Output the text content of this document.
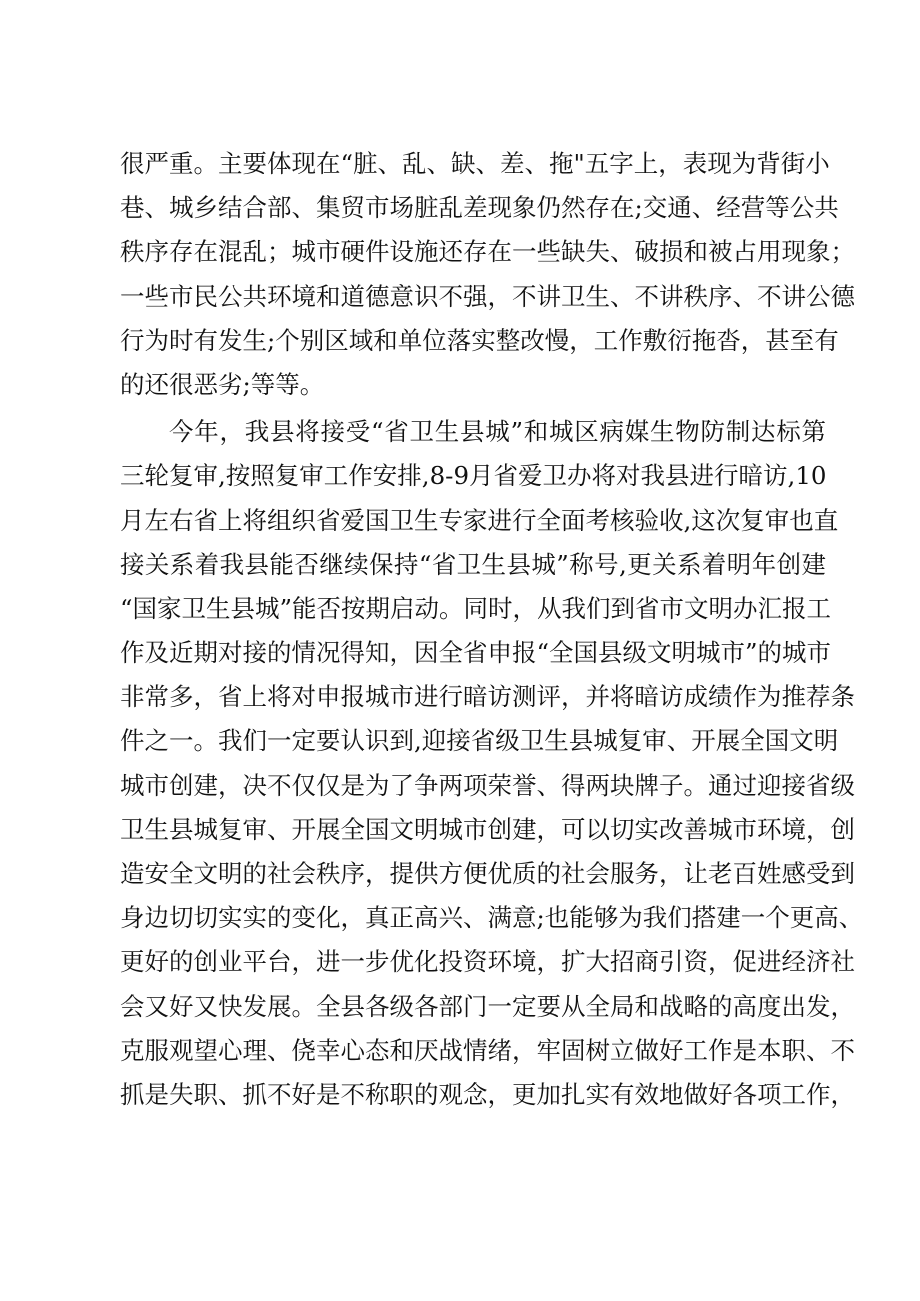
很严重。主要体现在“脏、乱、缺、差、拖"五字上，表现为背街小
巷、城乡结合部、集贸市场脏乱差现象仍然存在;交通、经营等公共
秩序存在混乱；城市硬件设施还存在一些缺失、破损和被占用现象；
一些市民公共环境和道德意识不强，不讲卫生、不讲秩序、不讲公德
行为时有发生;个别区域和单位落实整改慢，工作敷衍拖沓，甚至有
的还很恶劣;等等。
今年，我县将接受“省卫生县城”和城区病媒生物防制达标第
三轮复审,按照复审工作安排,8-9月省爱卫办将对我县进行暗访,10
月左右省上将组织省爱国卫生专家进行全面考核验收,这次复审也直
接关系着我县能否继续保持“省卫生县城”称号,更关系着明年创建
“国家卫生县城”能否按期启动。同时，从我们到省市文明办汇报工
作及近期对接的情况得知，因全省申报“全国县级文明城市”的城市
非常多，省上将对申报城市进行暗访测评，并将暗访成绩作为推荐条
件之一。我们一定要认识到,迎接省级卫生县城复审、开展全国文明
城市创建，决不仅仅是为了争两项荣誉、得两块牌子。通过迎接省级
卫生县城复审、开展全国文明城市创建，可以切实改善城市环境，创
造安全文明的社会秩序，提供方便优质的社会服务，让老百姓感受到
身边切切实实的变化，真正高兴、满意;也能够为我们搭建一个更高、
更好的创业平台，进一步优化投资环境，扩大招商引资，促进经济社
会又好又快发展。全县各级各部门一定要从全局和战略的高度出发，
克服观望心理、侥幸心态和厌战情绪，牢固树立做好工作是本职、不
抓是失职、抓不好是不称职的观念，更加扎实有效地做好各项工作，
